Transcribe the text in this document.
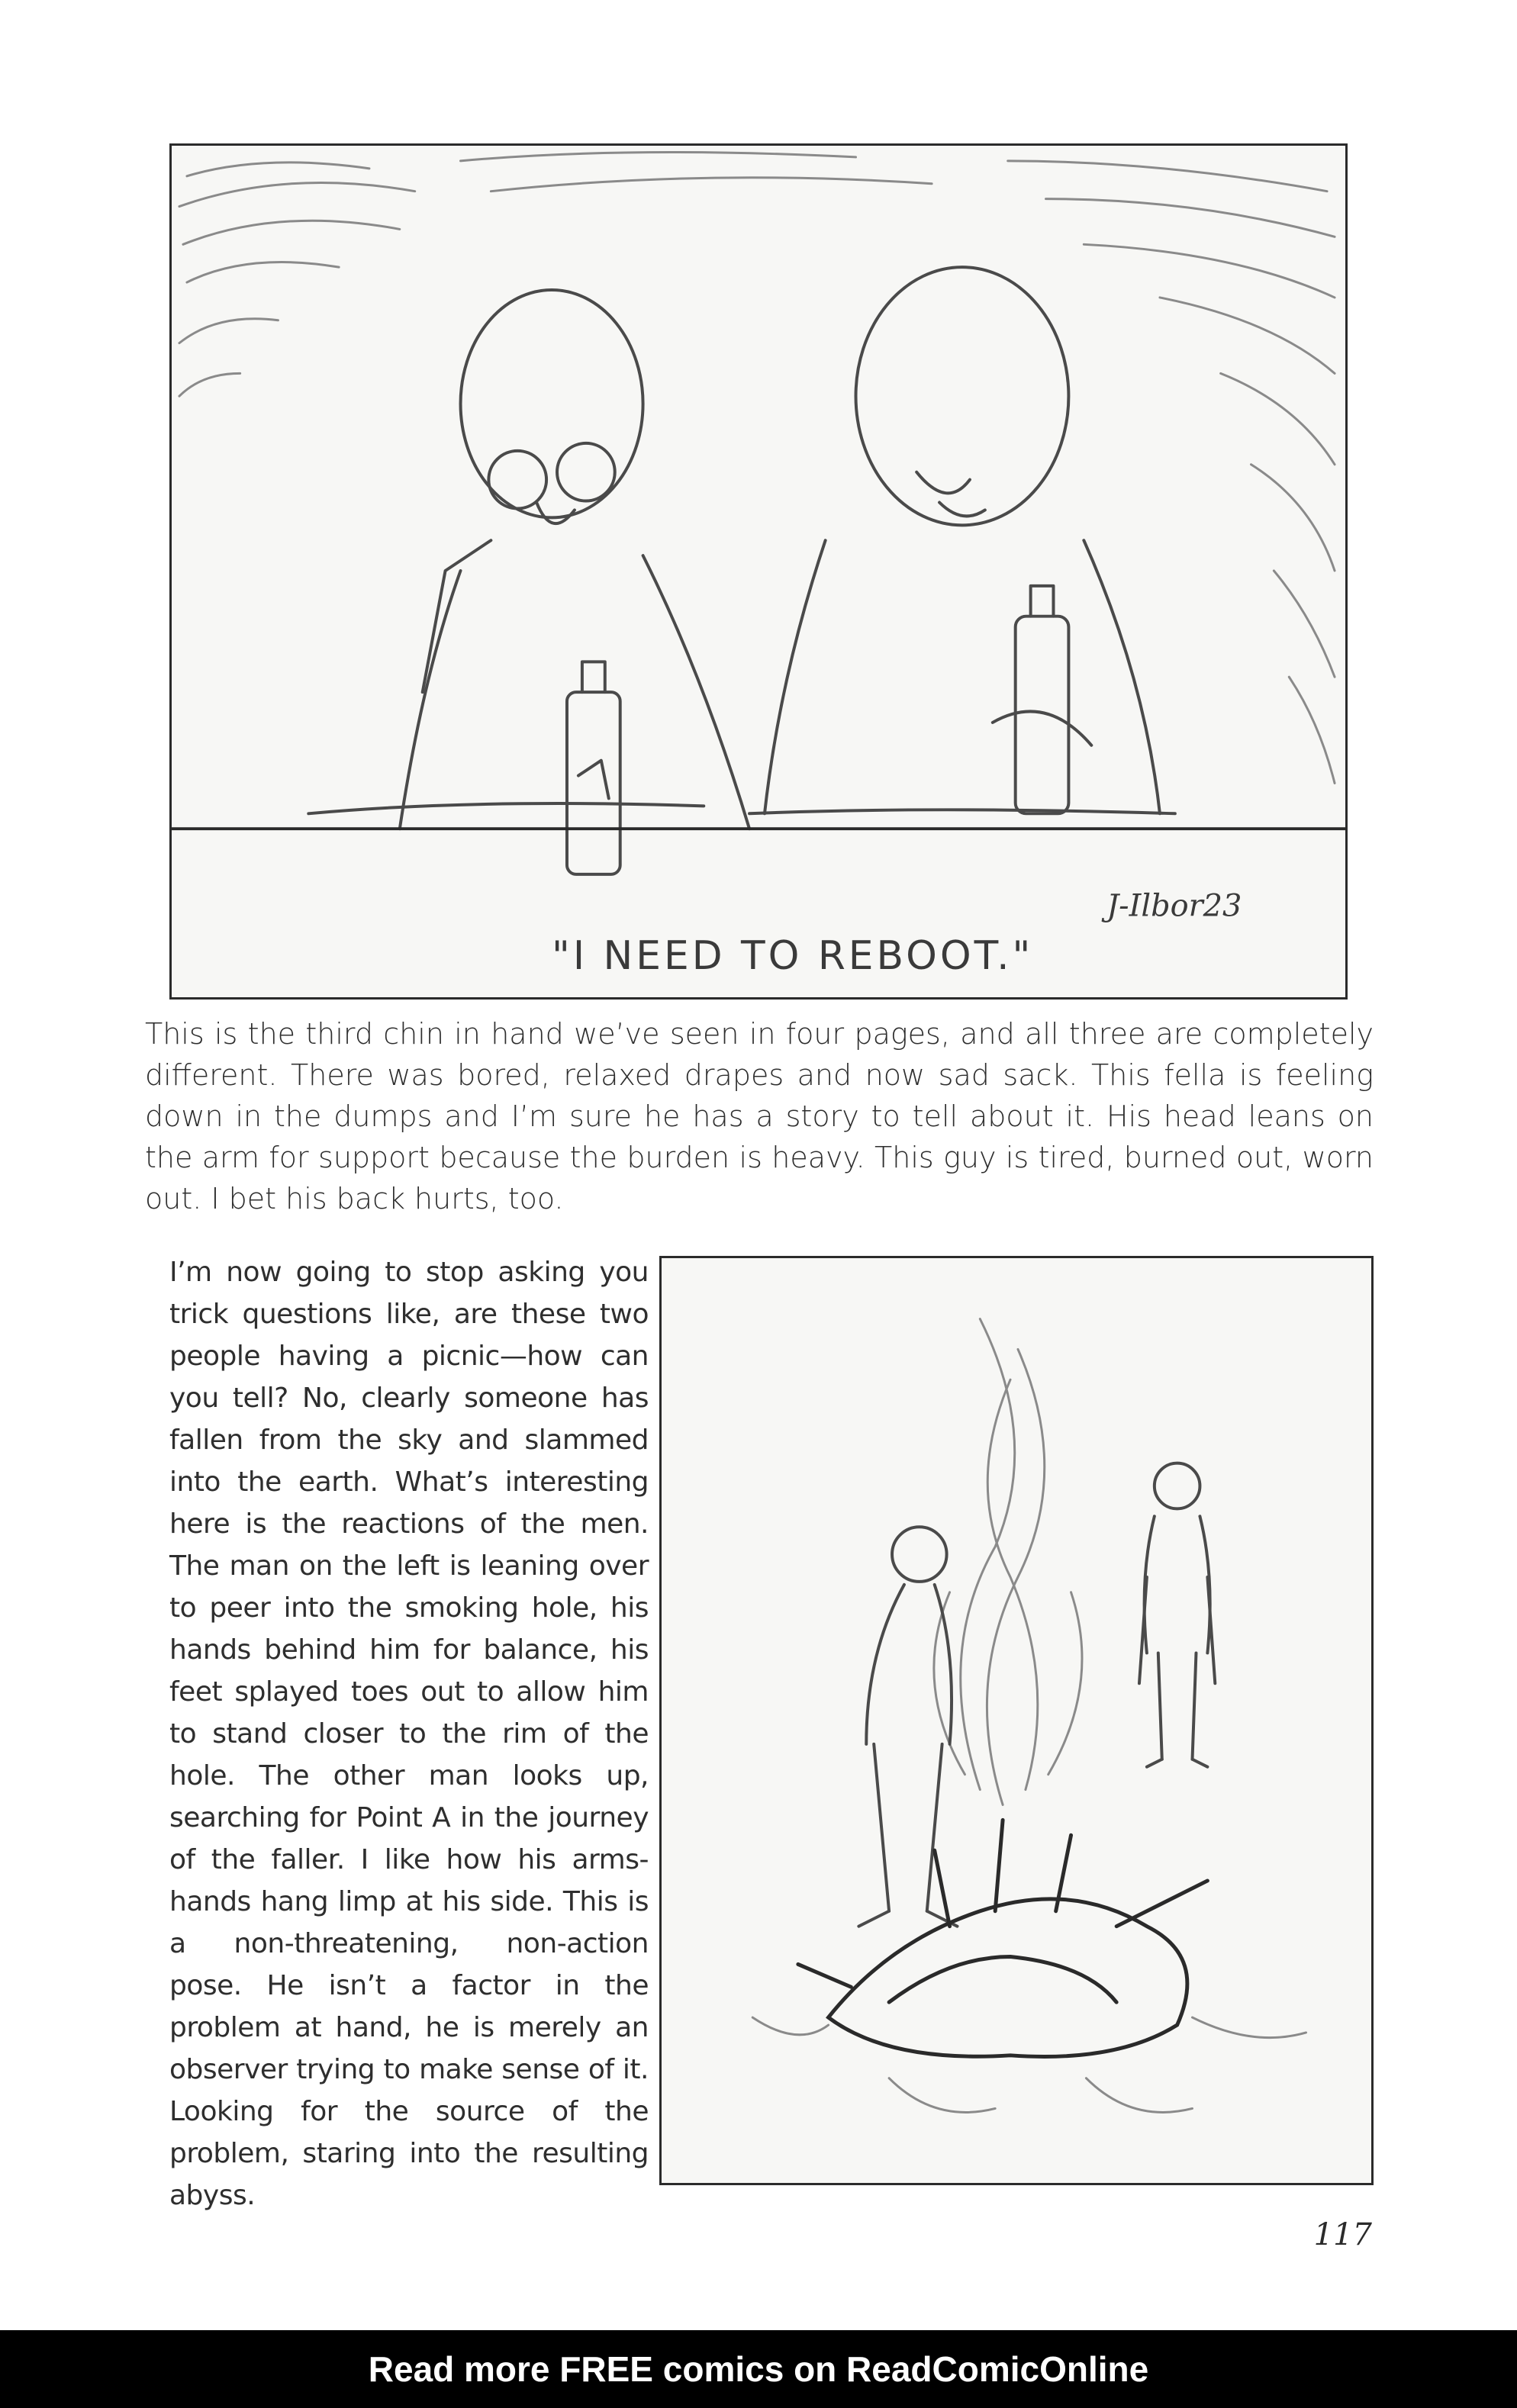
J-Ilbor23
"I NEED TO REBOOT."

This is the third chin in hand we’ve seen in four pages, and all three are completely different. There was bored, relaxed drapes and now sad sack. This fella is feeling down in the dumps and I’m sure he has a story to tell about it. His head leans on the arm for support because the burden is heavy. This guy is tired, burned out, worn out. I bet his back hurts, too.

I’m now going to stop asking you trick questions like, are these two people having a picnic—how can you tell? No, clearly someone has fallen from the sky and slammed into the earth. What’s interesting here is the reactions of the men. The man on the left is leaning over to peer into the smoking hole, his hands behind him for balance, his feet splayed toes out to allow him to stand closer to the rim of the hole. The other man looks up, searching for Point A in the journey of the faller. I like how his arms-hands hang limp at his side. This is a non-threatening, non-action pose. He isn’t a factor in the problem at hand, he is merely an observer trying to make sense of it. Looking for the source of the problem, staring into the resulting abyss.

117
Read more FREE comics on ReadComicOnline
